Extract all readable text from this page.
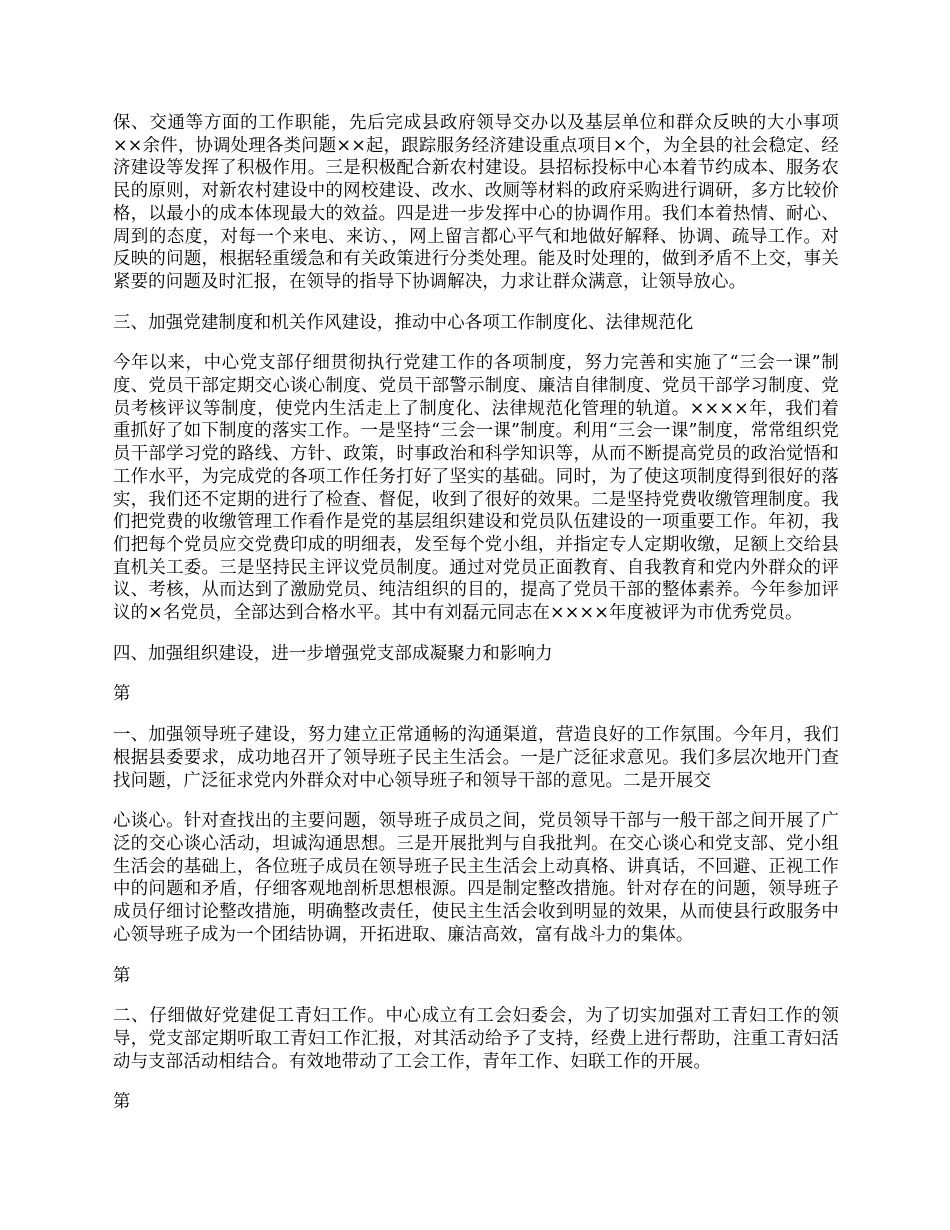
保、交通等方面的工作职能，先后完成县政府领导交办以及基层单位和群众反映的大小事项××余件，协调处理各类问题××起，跟踪服务经济建设重点项目×个，为全县的社会稳定、经济建设等发挥了积极作用。三是积极配合新农村建设。县招标投标中心本着节约成本、服务农民的原则，对新农村建设中的网校建设、改水、改厕等材料的政府采购进行调研，多方比较价格，以最小的成本体现最大的效益。四是进一步发挥中心的协调作用。我们本着热情、耐心、周到的态度，对每一个来电、来访、，网上留言都心平气和地做好解释、协调、疏导工作。对反映的问题，根据轻重缓急和有关政策进行分类处理。能及时处理的，做到矛盾不上交，事关紧要的问题及时汇报，在领导的指导下协调解决，力求让群众满意，让领导放心。

三、加强党建制度和机关作风建设，推动中心各项工作制度化、法律规范化

今年以来，中心党支部仔细贯彻执行党建工作的各项制度，努力完善和实施了“三会一课”制度、党员干部定期交心谈心制度、党员干部警示制度、廉洁自律制度、党员干部学习制度、党员考核评议等制度，使党内生活走上了制度化、法律规范化管理的轨道。××××年，我们着重抓好了如下制度的落实工作。一是坚持“三会一课”制度。利用“三会一课”制度，常常组织党员干部学习党的路线、方针、政策，时事政治和科学知识等，从而不断提高党员的政治觉悟和工作水平，为完成党的各项工作任务打好了坚实的基础。同时，为了使这项制度得到很好的落实，我们还不定期的进行了检查、督促，收到了很好的效果。二是坚持党费收缴管理制度。我们把党费的收缴管理工作看作是党的基层组织建设和党员队伍建设的一项重要工作。年初，我们把每个党员应交党费印成的明细表，发至每个党小组，并指定专人定期收缴，足额上交给县直机关工委。三是坚持民主评议党员制度。通过对党员正面教育、自我教育和党内外群众的评议、考核，从而达到了激励党员、纯洁组织的目的，提高了党员干部的整体素养。今年参加评议的×名党员，全部达到合格水平。其中有刘磊元同志在××××年度被评为市优秀党员。

四、加强组织建设，进一步增强党支部成凝聚力和影响力

第

一、加强领导班子建设，努力建立正常通畅的沟通渠道，营造良好的工作氛围。今年月，我们根据县委要求，成功地召开了领导班子民主生活会。一是广泛征求意见。我们多层次地开门查找问题，广泛征求党内外群众对中心领导班子和领导干部的意见。二是开展交

心谈心。针对查找出的主要问题，领导班子成员之间，党员领导干部与一般干部之间开展了广泛的交心谈心活动，坦诚沟通思想。三是开展批判与自我批判。在交心谈心和党支部、党小组生活会的基础上，各位班子成员在领导班子民主生活会上动真格、讲真话，不回避、正视工作中的问题和矛盾，仔细客观地剖析思想根源。四是制定整改措施。针对存在的问题，领导班子成员仔细讨论整改措施，明确整改责任，使民主生活会收到明显的效果，从而使县行政服务中心领导班子成为一个团结协调，开拓进取、廉洁高效，富有战斗力的集体。

第

二、仔细做好党建促工青妇工作。中心成立有工会妇委会，为了切实加强对工青妇工作的领导，党支部定期听取工青妇工作汇报，对其活动给予了支持，经费上进行帮助，注重工青妇活动与支部活动相结合。有效地带动了工会工作，青年工作、妇联工作的开展。

第
